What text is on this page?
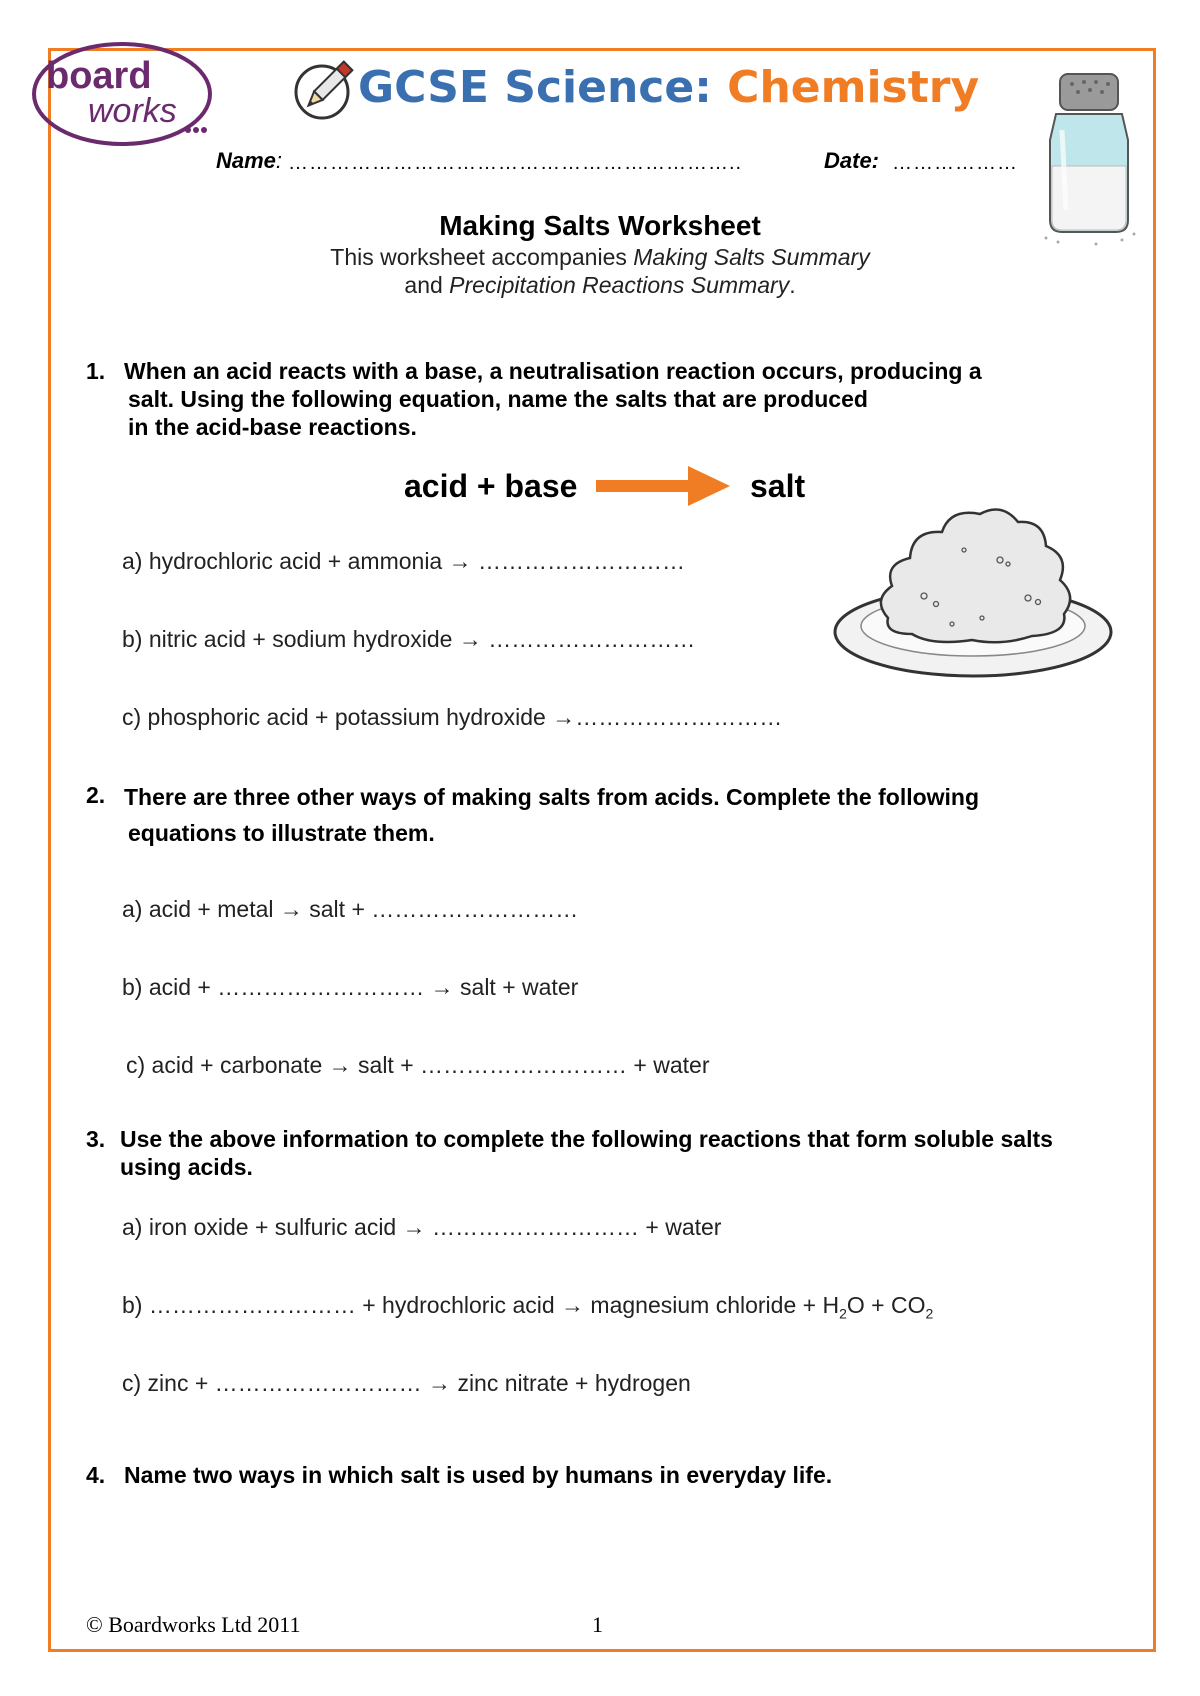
board
works	GCSE Science: Chemistry
Name: ………………………………………………………..	Date: ………………
Making Salts Worksheet
This worksheet accompanies Making Salts Summary
and Precipitation Reactions Summary.
1. When an acid reacts with a base, a neutralisation reaction occurs, producing a
salt. Using the following equation, name the salts that are produced
in the acid-base reactions.
acid + base	salt
a) hydrochloric acid + ammonia → ………………………
b) nitric acid + sodium hydroxide → ………………………
c) phosphoric acid + potassium hydroxide →………………………
2. There are three other ways of making salts from acids. Complete the following
equations to illustrate them.
a) acid + metal → salt + ………………………
b) acid + ……………………… → salt + water
c) acid + carbonate → salt + ……………………… + water
3. Use the above information to complete the following reactions that form soluble salts
using acids.
a) iron oxide + sulfuric acid → ……………………… + water
b) ……………………… + hydrochloric acid → magnesium chloride + $H_2O + CO_2$
c) zinc + ……………………… → zinc nitrate + hydrogen
4. Name two ways in which salt is used by humans in everyday life.
© Boardworks Ltd 2011	1
